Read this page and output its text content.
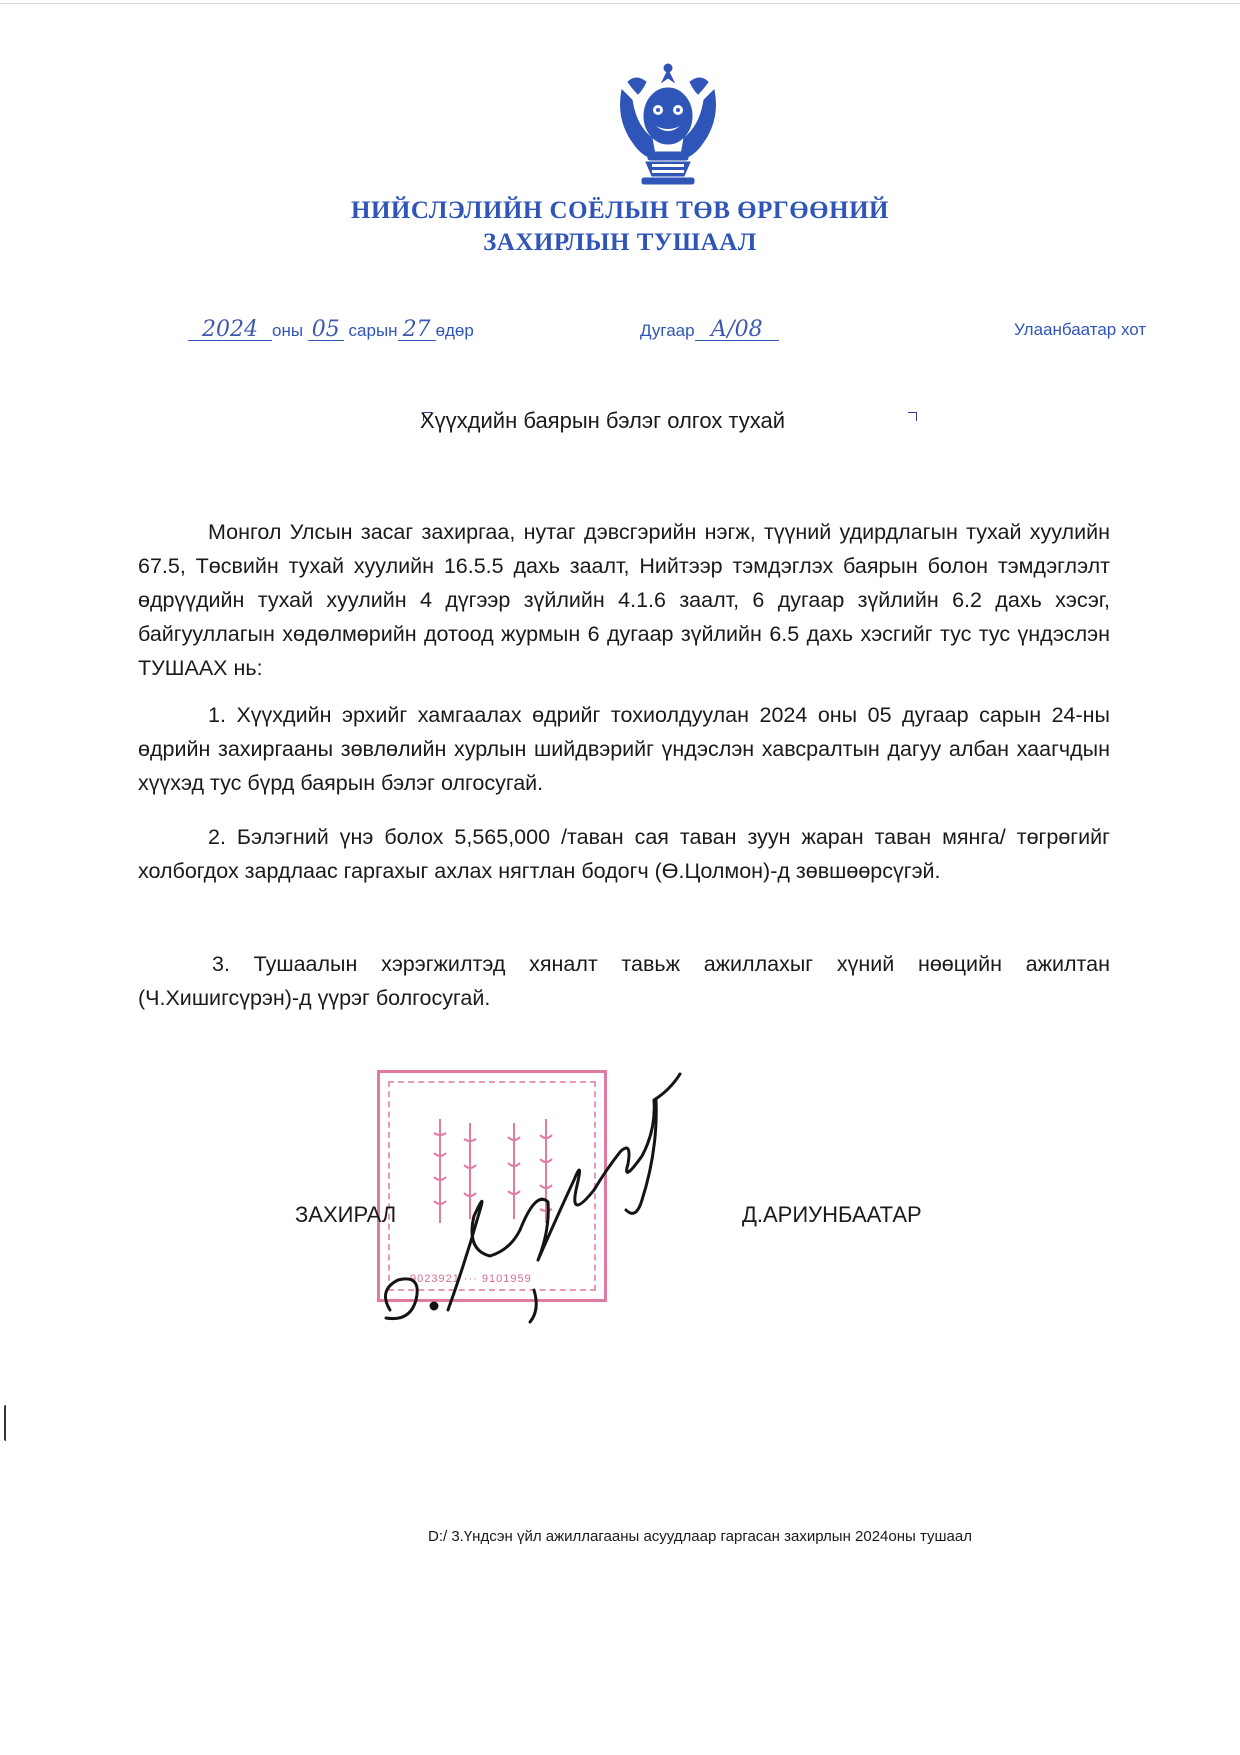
НИЙСЛЭЛИЙН СОЁЛЫН ТӨВ ӨРГӨӨНИЙ
ЗАХИРЛЫН ТУШААЛ
2024 оны 05 сарын 27 өдөр	Дугаар А/08	Улаанбаатар хот
Хүүхдийн баярын бэлэг олгох тухай

Монгол Улсын засаг захиргаа, нутаг дэвсгэрийн нэгж, түүний удирдлагын тухай хуулийн 67.5, Төсвийн тухай хуулийн 16.5.5 дахь заалт, Нийтээр тэмдэглэх баярын болон тэмдэглэлт өдрүүдийн тухай хуулийн 4 дүгээр зүйлийн 4.1.6 заалт, 6 дугаар зүйлийн 6.2 дахь хэсэг, байгууллагын хөдөлмөрийн дотоод журмын 6 дугаар зүйлийн 6.5 дахь хэсгийг тус тус үндэслэн ТУШААХ нь:

1. Хүүхдийн эрхийг хамгаалах өдрийг тохиолдуулан 2024 оны 05 дугаар сарын 24-ны өдрийн захиргааны зөвлөлийн хурлын шийдвэрийг үндэслэн хавсралтын дагуу албан хаагчдын хүүхэд тус бүрд баярын бэлэг олгосугай.

2. Бэлэгний үнэ болох 5,565,000 /таван сая таван зуун жаран таван мянга/ төгрөгийг холбогдох зардлаас гаргахыг ахлах нягтлан бодогч (Ө.Цолмон)-д зөвшөөрсүгэй.

3. Тушаалын хэрэгжилтэд хяналт тавьж ажиллахыг хүний нөөцийн ажилтан (Ч.Хишигсүрэн)-д үүрэг болгосугай.

9023921 ··· 9101959
ЗАХИРАЛ	Д.АРИУНБААТАР
D:/ 3.Үндсэн үйл ажиллагааны асуудлаар гаргасан захирлын 2024оны тушаал
